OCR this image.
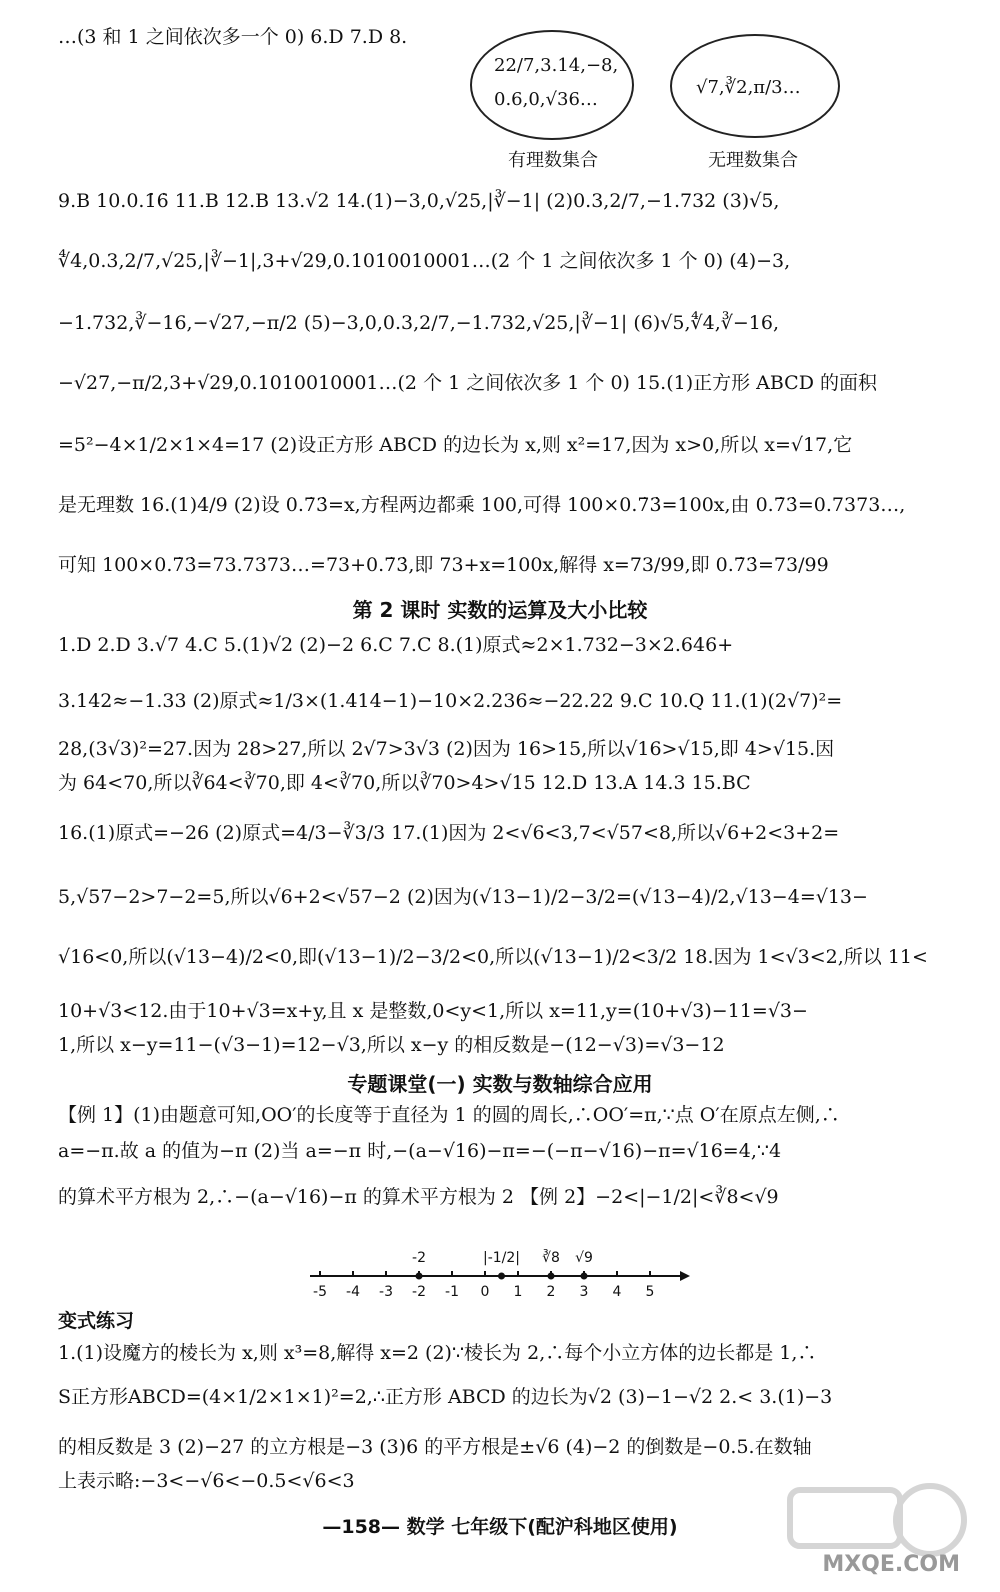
…(3 和 1 之间依次多一个 0) 6.D 7.D 8.
22/7,3.14,−8,
0.6,0,√36…
有理数集合
√7,∛2,π/3…
无理数集合
9.B 10.0.1̇6̇ 11.B 12.B 13.√2 14.(1)−3,0,√25,|∛−1| (2)0.3,2/7,−1.732 (3)√5,
∜4,0.3,2/7,√25,|∛−1|,3+√29,0.1010010001…(2 个 1 之间依次多 1 个 0) (4)−3,
−1.732,∛−16,−√27,−π/2 (5)−3,0,0.3,2/7,−1.732,√25,|∛−1| (6)√5,∜4,∛−16,
−√27,−π/2,3+√29,0.1010010001…(2 个 1 之间依次多 1 个 0) 15.(1)正方形 ABCD 的面积
=5²−4×1/2×1×4=17 (2)设正方形 ABCD 的边长为 x,则 x²=17,因为 x>0,所以 x=√17,它
是无理数 16.(1)4/9 (2)设 0.7̇3̇=x,方程两边都乘 100,可得 100×0.7̇3̇=100x,由 0.7̇3̇=0.7373…,
可知 100×0.7̇3̇=73.7373…=73+0.7̇3̇,即 73+x=100x,解得 x=73/99,即 0.7̇3̇=73/99
第 2 课时 实数的运算及大小比较
1.D 2.D 3.√7 4.C 5.(1)√2 (2)−2 6.C 7.C 8.(1)原式≈2×1.732−3×2.646+
3.142≈−1.33 (2)原式≈1/3×(1.414−1)−10×2.236≈−22.22 9.C 10.Q 11.(1)(2√7)²=
28,(3√3)²=27.因为 28>27,所以 2√7>3√3 (2)因为 16>15,所以√16>√15,即 4>√15.因
为 64<70,所以∛64<∛70,即 4<∛70,所以∛70>4>√15 12.D 13.A 14.3 15.BC
16.(1)原式=−26 (2)原式=4/3−∛3/3 17.(1)因为 2<√6<3,7<√57<8,所以√6+2<3+2=
5,√57−2>7−2=5,所以√6+2<√57−2 (2)因为(√13−1)/2−3/2=(√13−4)/2,√13−4=√13−
√16<0,所以(√13−4)/2<0,即(√13−1)/2−3/2<0,所以(√13−1)/2<3/2 18.因为 1<√3<2,所以 11<
10+√3<12.由于10+√3=x+y,且 x 是整数,0<y<1,所以 x=11,y=(10+√3)−11=√3−
1,所以 x−y=11−(√3−1)=12−√3,所以 x−y 的相反数是−(12−√3)=√3−12
专题课堂(一) 实数与数轴综合应用
【例 1】(1)由题意可知,OO′的长度等于直径为 1 的圆的周长,∴OO′=π,∵点 O′在原点左侧,∴
a=−π.故 a 的值为−π (2)当 a=−π 时,−(a−√16)−π=−(−π−√16)−π=√16=4,∵4
的算术平方根为 2,∴−(a−√16)−π 的算术平方根为 2 【例 2】−2<|−1/2|<∛8<√9
-5 -4 -3 -2 -1 0 1 2 3 4 5
-2	|-1/2| ∛8 √9
变式练习
1.(1)设魔方的棱长为 x,则 x³=8,解得 x=2 (2)∵棱长为 2,∴每个小立方体的边长都是 1,∴
S正方形ABCD=(4×1/2×1×1)²=2,∴正方形 ABCD 的边长为√2 (3)−1−√2 2.< 3.(1)−3
的相反数是 3 (2)−27 的立方根是−3 (3)6 的平方根是±√6 (4)−2 的倒数是−0.5.在数轴
上表示略:−3<−√6<−0.5<√6<3
—158— 数学 七年级下(配沪科地区使用)
MXQE.COM
